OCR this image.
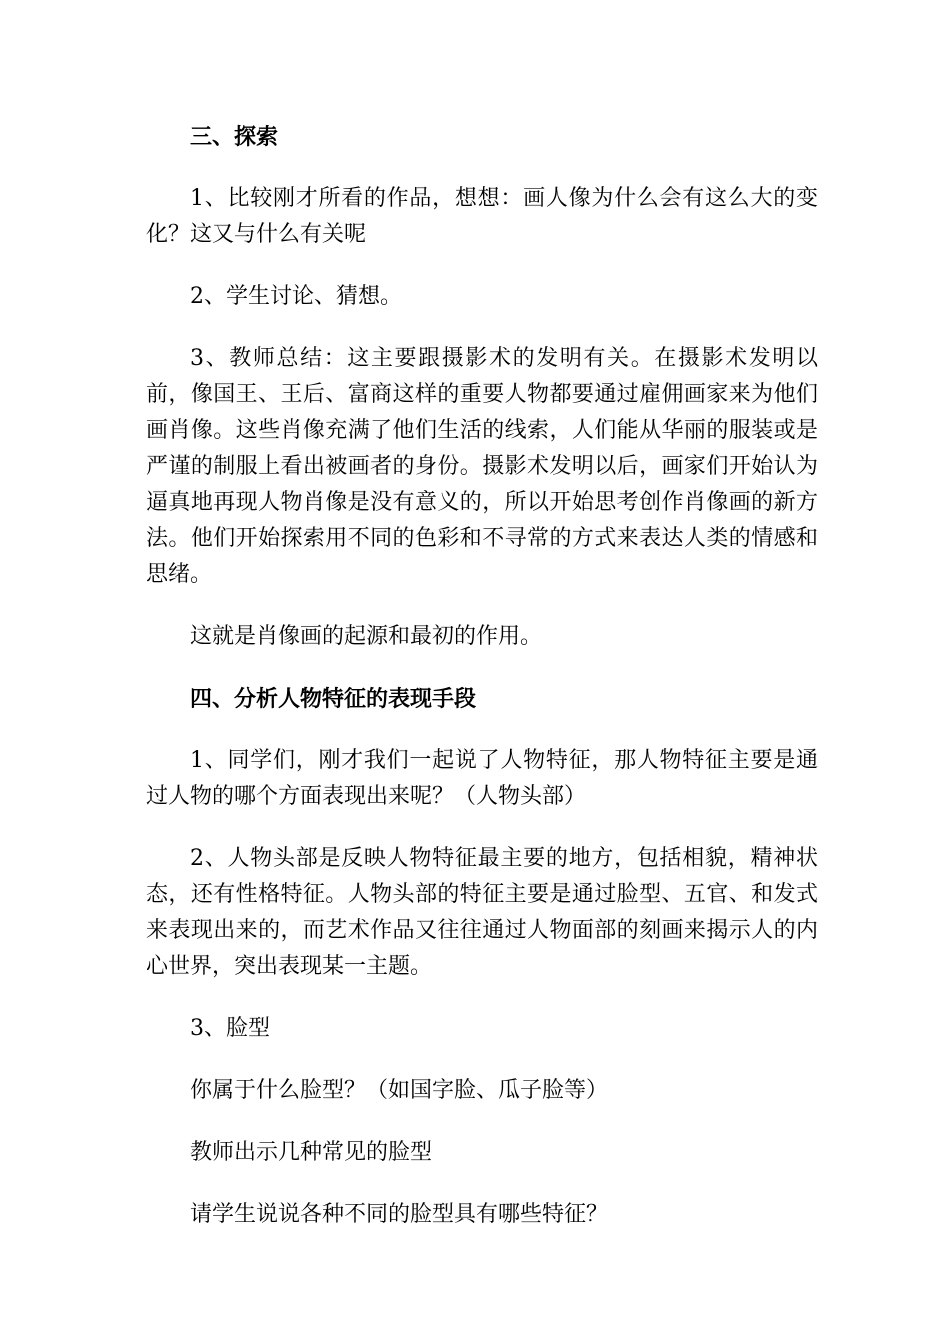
三、探索
1、比较刚才所看的作品，想想：画人像为什么会有这么大的变化？这又与什么有关呢
2、学生讨论、猜想。
3、教师总结：这主要跟摄影术的发明有关。在摄影术发明以前，像国王、王后、富商这样的重要人物都要通过雇佣画家来为他们画肖像。这些肖像充满了他们生活的线索，人们能从华丽的服装或是严谨的制服上看出被画者的身份。摄影术发明以后，画家们开始认为逼真地再现人物肖像是没有意义的，所以开始思考创作肖像画的新方法。他们开始探索用不同的色彩和不寻常的方式来表达人类的情感和思绪。
这就是肖像画的起源和最初的作用。
四、分析人物特征的表现手段
1、同学们，刚才我们一起说了人物特征，那人物特征主要是通过人物的哪个方面表现出来呢？（人物头部）
2、人物头部是反映人物特征最主要的地方，包括相貌，精神状态，还有性格特征。人物头部的特征主要是通过脸型、五官、和发式来表现出来的，而艺术作品又往往通过人物面部的刻画来揭示人的内心世界，突出表现某一主题。
3、脸型
你属于什么脸型？（如国字脸、瓜子脸等）
教师出示几种常见的脸型
请学生说说各种不同的脸型具有哪些特征？
